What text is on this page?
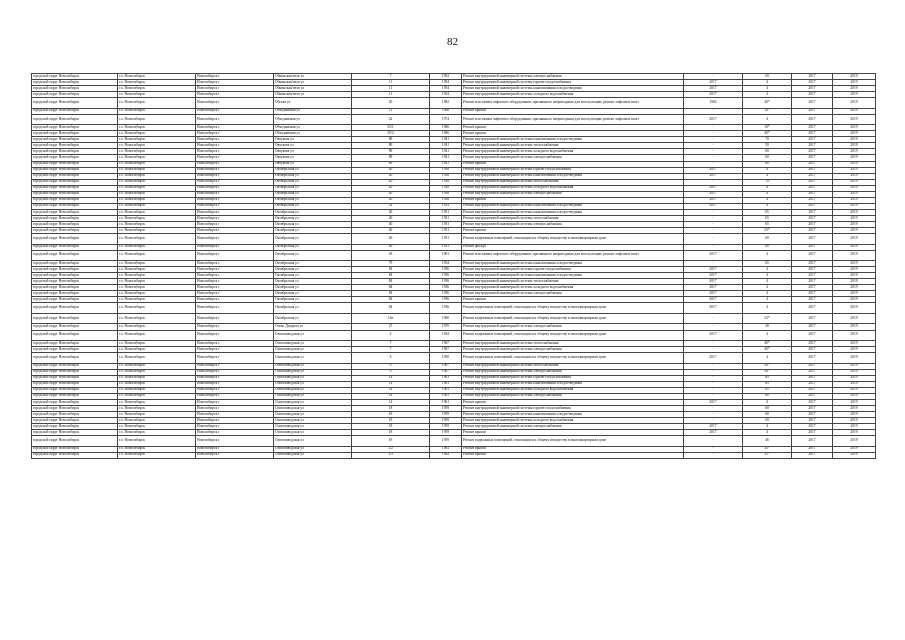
82
городской округ Новосибирск	г.о. Новосибирск	Новосибирск г	Обнинская/пехв ул	7	1963	Ремонт внутридомовой инженерной системы электроснабжения	-	60	2017	2019
городской округ Новосибирск	г.о. Новосибирск	Новосибирск г	Обнинская/пехв ул	11	1954	Ремонт внутридомовой инженерной системы горячего водоснабжения	2017	4	2017	2019
городской округ Новосибирск	г.о. Новосибирск	Новосибирск г	Обнинская/пехв ул	11	1954	Ремонт внутридомовой инженерной системы канализования и водоотведения	2017	4	2017	2019
городской округ Новосибирск	г.о. Новосибирск	Новосибирск г	Обнинская/пехв ул	11	1954	Ремонт внутридомовой инженерной системы холодного водоснабжения	2017	4	2017	2019
городской округ Новосибирск	г.о. Новосибирск	Новосибирск г	Обская ул	30	1982	Ремонт или замена лифтового оборудования, признанного непригодным для эксплуатации, ремонт лифтовых шахт	1982	40*	2017	2019
городской округ Новосибирск	г.о. Новосибирск	Новосибирск г	Объединения ул	11	1968	Ремонт крыши	-	10*	2017	2019
городской округ Новосибирск	г.о. Новосибирск	Новосибирск г	Объединения ул	42	1974	Ремонт или замена лифтового оборудования, признанного непригодным для эксплуатации, ремонт лифтовых шахт	2017	4	2017	2019
городской округ Новосибирск	г.о. Новосибирск	Новосибирск г	Объединения ул	35/1	1966	Ремонт крыши	-	10*	2017	2019
городской округ Новосибирск	г.о. Новосибирск	Новосибирск г	Объединения ул	35/2	1966	Ремонт крыши	-	40*	2017	2019
городской округ Новосибирск	г.о. Новосибирск	Новосибирск г	Овчукова ул	89	1941	Ремонт внутридомовой инженерной системы канализования и водоотведения	-	70	2017	2019
городской округ Новосибирск	г.о. Новосибирск	Новосибирск г	Овчукова ул	89	1941	Ремонт внутридомовой инженерной системы теплоснабжения	-	50	2017	2019
городской округ Новосибирск	г.о. Новосибирск	Новосибирск г	Овчукова ул	89	1941	Ремонт внутридомовой инженерной системы холодного водоснабжения	-	60	2017	2019
городской округ Новосибирск	г.о. Новосибирск	Новосибирск г	Овчукова ул	89	1941	Ремонт внутридомовой инженерной системы электроснабжения	-	60	2017	2019
городской округ Новосибирск	г.о. Новосибирск	Новосибирск г	Овчукова ул	89	1941	Ремонт крыши	-	60	2017	2019
городской округ Новосибирск	г.о. Новосибирск	Новосибирск г	Октябрьская ул	20	1938	Ремонт внутридомовой инженерной системы горячего водоснабжения	2017	4	2017	2019
городской округ Новосибирск	г.о. Новосибирск	Новосибирск г	Октябрьская ул	20	1938	Ремонт внутридомовой инженерной системы канализования и водоотведения	2017	4	2017	2019
городской округ Новосибирск	г.о. Новосибирск	Новосибирск г	Октябрьская ул	20	1938	Ремонт внутридомовой инженерной системы теплоснабжения	-	70	2017	2019
городской округ Новосибирск	г.о. Новосибирск	Новосибирск г	Октябрьская ул	20	1938	Ремонт внутридомовой инженерной системы холодного водоснабжения	2017	4	2017	2019
городской округ Новосибирск	г.о. Новосибирск	Новосибирск г	Октябрьская ул	20	1938	Ремонт внутридомовой инженерной системы электроснабжения	2017	4	2017	2019
городской округ Новосибирск	г.о. Новосибирск	Новосибирск г	Октябрьская ул	20	1938	Ремонт крыши	2017	4	2017	2019
городской округ Новосибирск	г.о. Новосибирск	Новосибирск г	Октябрьская ул	32	1953	Ремонт внутридомовой инженерной системы канализования и водоотведения	2017	4	2017	2019
городской округ Новосибирск	г.о. Новосибирск	Новосибирск г	Октябрьская ул	40	1931	Ремонт внутридомовой инженерной системы канализования и водоотведения	-	65	2017	2019
городской округ Новосибирск	г.о. Новосибирск	Новосибирск г	Октябрьская ул	40	1931	Ремонт внутридомовой инженерной системы теплоснабжения	-	65	2017	2019
городской округ Новосибирск	г.о. Новосибирск	Новосибирск г	Октябрьская ул	40	1931	Ремонт внутридомовой инженерной системы электроснабжения	-	65	2017	2019
городской округ Новосибирск	г.о. Новосибирск	Новосибирск г	Октябрьская ул	40	1931	Ремонт крыши	-	55*	2017	2019
городской округ Новосибирск	г.о. Новосибирск	Новосибирск г	Октябрьская ул	40	1931	Ремонт подвальных помещений, относящихся к общему имуществу в многоквартирном доме	-	60	2017	2019
городской округ Новосибирск	г.о. Новосибирск	Новосибирск г	Октябрьская ул	40	1931	Ремонт фасада	-	60	2017	2019
городской округ Новосибирск	г.о. Новосибирск	Новосибирск г	Октябрьская ул	49	1961	Ремонт или замена лифтового оборудования, признанного непригодным для эксплуатации, ремонт лифтовых шахт	2017	4	2017	2019
городской округ Новосибирск	г.о. Новосибирск	Новосибирск г	Октябрьская ул	79	1934	Ремонт внутридомовой инженерной системы канализования и водоотведения	-	65	2017	2019
городской округ Новосибирск	г.о. Новосибирск	Новосибирск г	Октябрьская ул	84	1936	Ремонт внутридомовой инженерной системы горячего водоснабжения	2017	4	2017	2019
городской округ Новосибирск	г.о. Новосибирск	Новосибирск г	Октябрьская ул	84	1936	Ремонт внутридомовой инженерной системы канализования и водоотведения	2017	4	2017	2019
городской округ Новосибирск	г.о. Новосибирск	Новосибирск г	Октябрьская ул	84	1936	Ремонт внутридомовой инженерной системы теплоснабжения	2017	4	2017	2019
городской округ Новосибирск	г.о. Новосибирск	Новосибирск г	Октябрьская ул	84	1936	Ремонт внутридомовой инженерной системы холодного водоснабжения	2017	4	2017	2019
городской округ Новосибирск	г.о. Новосибирск	Новосибирск г	Октябрьская ул	84	1936	Ремонт внутридомовой инженерной системы электроснабжения	2017	4	2017	2019
городской округ Новосибирск	г.о. Новосибирск	Новосибирск г	Октябрьская ул	84	1936	Ремонт крыши	2017	4	2017	2019
городской округ Новосибирск	г.о. Новосибирск	Новосибирск г	Октябрьская ул	84	1936	Ремонт подвальных помещений, относящихся к общему имуществу в многоквартирном доме	2017	4	2017	2019
городской округ Новосибирск	г.о. Новосибирск	Новосибирск г	Октябрьская ул	16а	1960	Ремонт подвальных помещений, относящихся к общему имуществу в многоквартирном доме	-	52*	2017	2019
городской округ Новосибирск	г.о. Новосибирск	Новосибирск г	Олеко Дундича ул	27	1970	Ремонт внутридомовой инженерной системы электроснабжения	-	28	2017	2019
городской округ Новосибирск	г.о. Новосибирск	Новосибирск г	Оловозаводская ул	4	1934	Ремонт подвальных помещений, относящихся к общему имуществу в многоквартирном доме	2017	4	2017	2019
городской округ Новосибирск	г.о. Новосибирск	Новосибирск г	Оловозаводская ул	7	1967	Ремонт внутридомовой инженерной системы теплоснабжения	-	40*	2017	2019
городской округ Новосибирск	г.о. Новосибирск	Новосибирск г	Оловозаводская ул	7	1967	Ремонт внутридомовой инженерной системы электроснабжения	-	40*	2017	2019
городской округ Новосибирск	г.о. Новосибирск	Новосибирск г	Оловозаводская ул	8	1950	Ремонт подвальных помещений, относящихся к общему имуществу в многоквартирном доме	2017	4	2017	2019
городской округ Новосибирск	г.о. Новосибирск	Новосибирск г	Оловозаводская ул	9	1967	Ремонт внутридомовой инженерной системы теплоснабжения	-	30*	2017	2019
городской округ Новосибирск	г.о. Новосибирск	Новосибирск г	Оловозаводская ул	9	1967	Ремонт внутридомовой инженерной системы электроснабжения	-	30*	2017	2019
городской округ Новосибирск	г.о. Новосибирск	Новосибирск г	Оловозаводская ул	14	1961	Ремонт внутридомовой инженерной системы горячего водоснабжения	-	65	2017	2019
городской округ Новосибирск	г.о. Новосибирск	Новосибирск г	Оловозаводская ул	14	1961	Ремонт внутридомовой инженерной системы канализования и водоотведения	-	65	2017	2019
городской округ Новосибирск	г.о. Новосибирск	Новосибирск г	Оловозаводская ул	14	1961	Ремонт внутридомовой инженерной системы холодного водоснабжения	-	65	2017	2019
городской округ Новосибирск	г.о. Новосибирск	Новосибирск г	Оловозаводская ул	14	1961	Ремонт внутридомовой инженерной системы электроснабжения	-	60	2017	2019
городской округ Новосибирск	г.о. Новосибирск	Новосибирск г	Оловозаводская ул	14	1961	Ремонт крыши	2017	4	2017	2019
городской округ Новосибирск	г.о. Новосибирск	Новосибирск г	Оловозаводская ул	18	1959	Ремонт внутридомовой инженерной системы горячего водоснабжения	-	60	2017	2019
городской округ Новосибирск	г.о. Новосибирск	Новосибирск г	Оловозаводская ул	18	1959	Ремонт внутридомовой инженерной системы канализования и водоотведения	-	60	2017	2019
городской округ Новосибирск	г.о. Новосибирск	Новосибирск г	Оловозаводская ул	18	1959	Ремонт внутридомовой инженерной системы холодного водоснабжения	-	60	2017	2019
городской округ Новосибирск	г.о. Новосибирск	Новосибирск г	Оловозаводская ул	18	1959	Ремонт внутридомовой инженерной системы электроснабжения	2017	4	2017	2019
городской округ Новосибирск	г.о. Новосибирск	Новосибирск г	Оловозаводская ул	18	1959	Ремонт крыши	2017	4	2017	2019
городской округ Новосибирск	г.о. Новосибирск	Новосибирск г	Оловозаводская ул	18	1959	Ремонт подвальных помещений, относящихся к общему имуществу в многоквартирном доме	-	46	2017	2019
городской округ Новосибирск	г.о. Новосибирск	Новосибирск г	Оловозаводская ул	1/2	1983	Ремонт крыши	-	35*	2017	2019
городской округ Новосибирск	г.о. Новосибирск	Новосибирск г	Оловозаводская ул	1/3	1982	Ремонт крыши	-	35*	2017	2019
